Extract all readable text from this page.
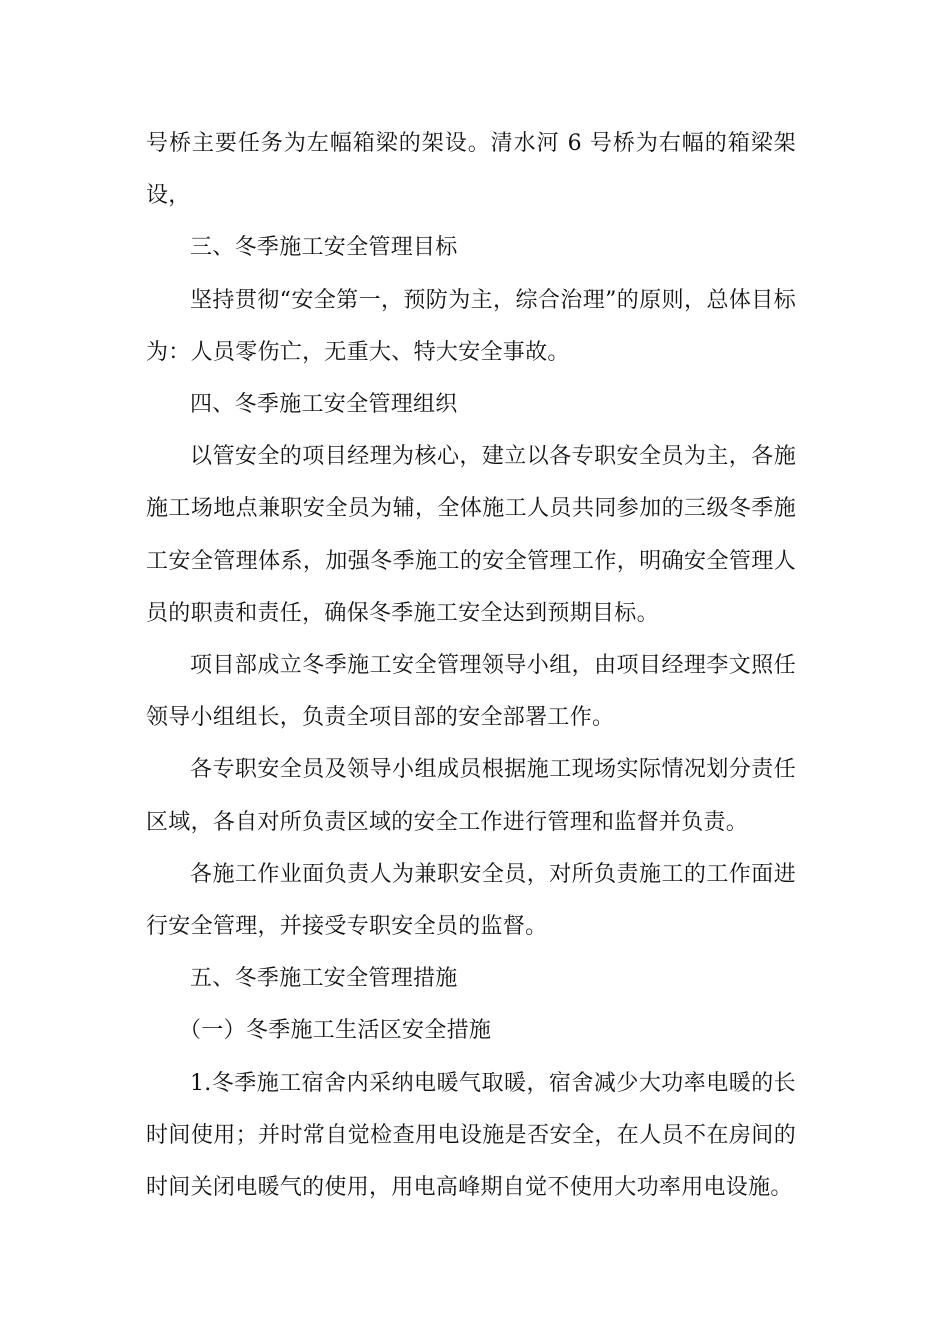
号桥主要任务为左幅箱梁的架设。清水河 6 号桥为右幅的箱梁架设，

三、冬季施工安全管理目标

坚持贯彻“安全第一，预防为主，综合治理”的原则，总体目标为：人员零伤亡，无重大、特大安全事故。

四、冬季施工安全管理组织

以管安全的项目经理为核心，建立以各专职安全员为主，各施施工场地点兼职安全员为辅，全体施工人员共同参加的三级冬季施工安全管理体系，加强冬季施工的安全管理工作，明确安全管理人员的职责和责任，确保冬季施工安全达到预期目标。

项目部成立冬季施工安全管理领导小组，由项目经理李文照任领导小组组长，负责全项目部的安全部署工作。

各专职安全员及领导小组成员根据施工现场实际情况划分责任区域，各自对所负责区域的安全工作进行管理和监督并负责。

各施工作业面负责人为兼职安全员，对所负责施工的工作面进行安全管理，并接受专职安全员的监督。

五、冬季施工安全管理措施

（一）冬季施工生活区安全措施

1.冬季施工宿舍内采纳电暖气取暖，宿舍减少大功率电暖的长时间使用；并时常自觉检查用电设施是否安全，在人员不在房间的时间关闭电暖气的使用，用电高峰期自觉不使用大功率用电设施。
